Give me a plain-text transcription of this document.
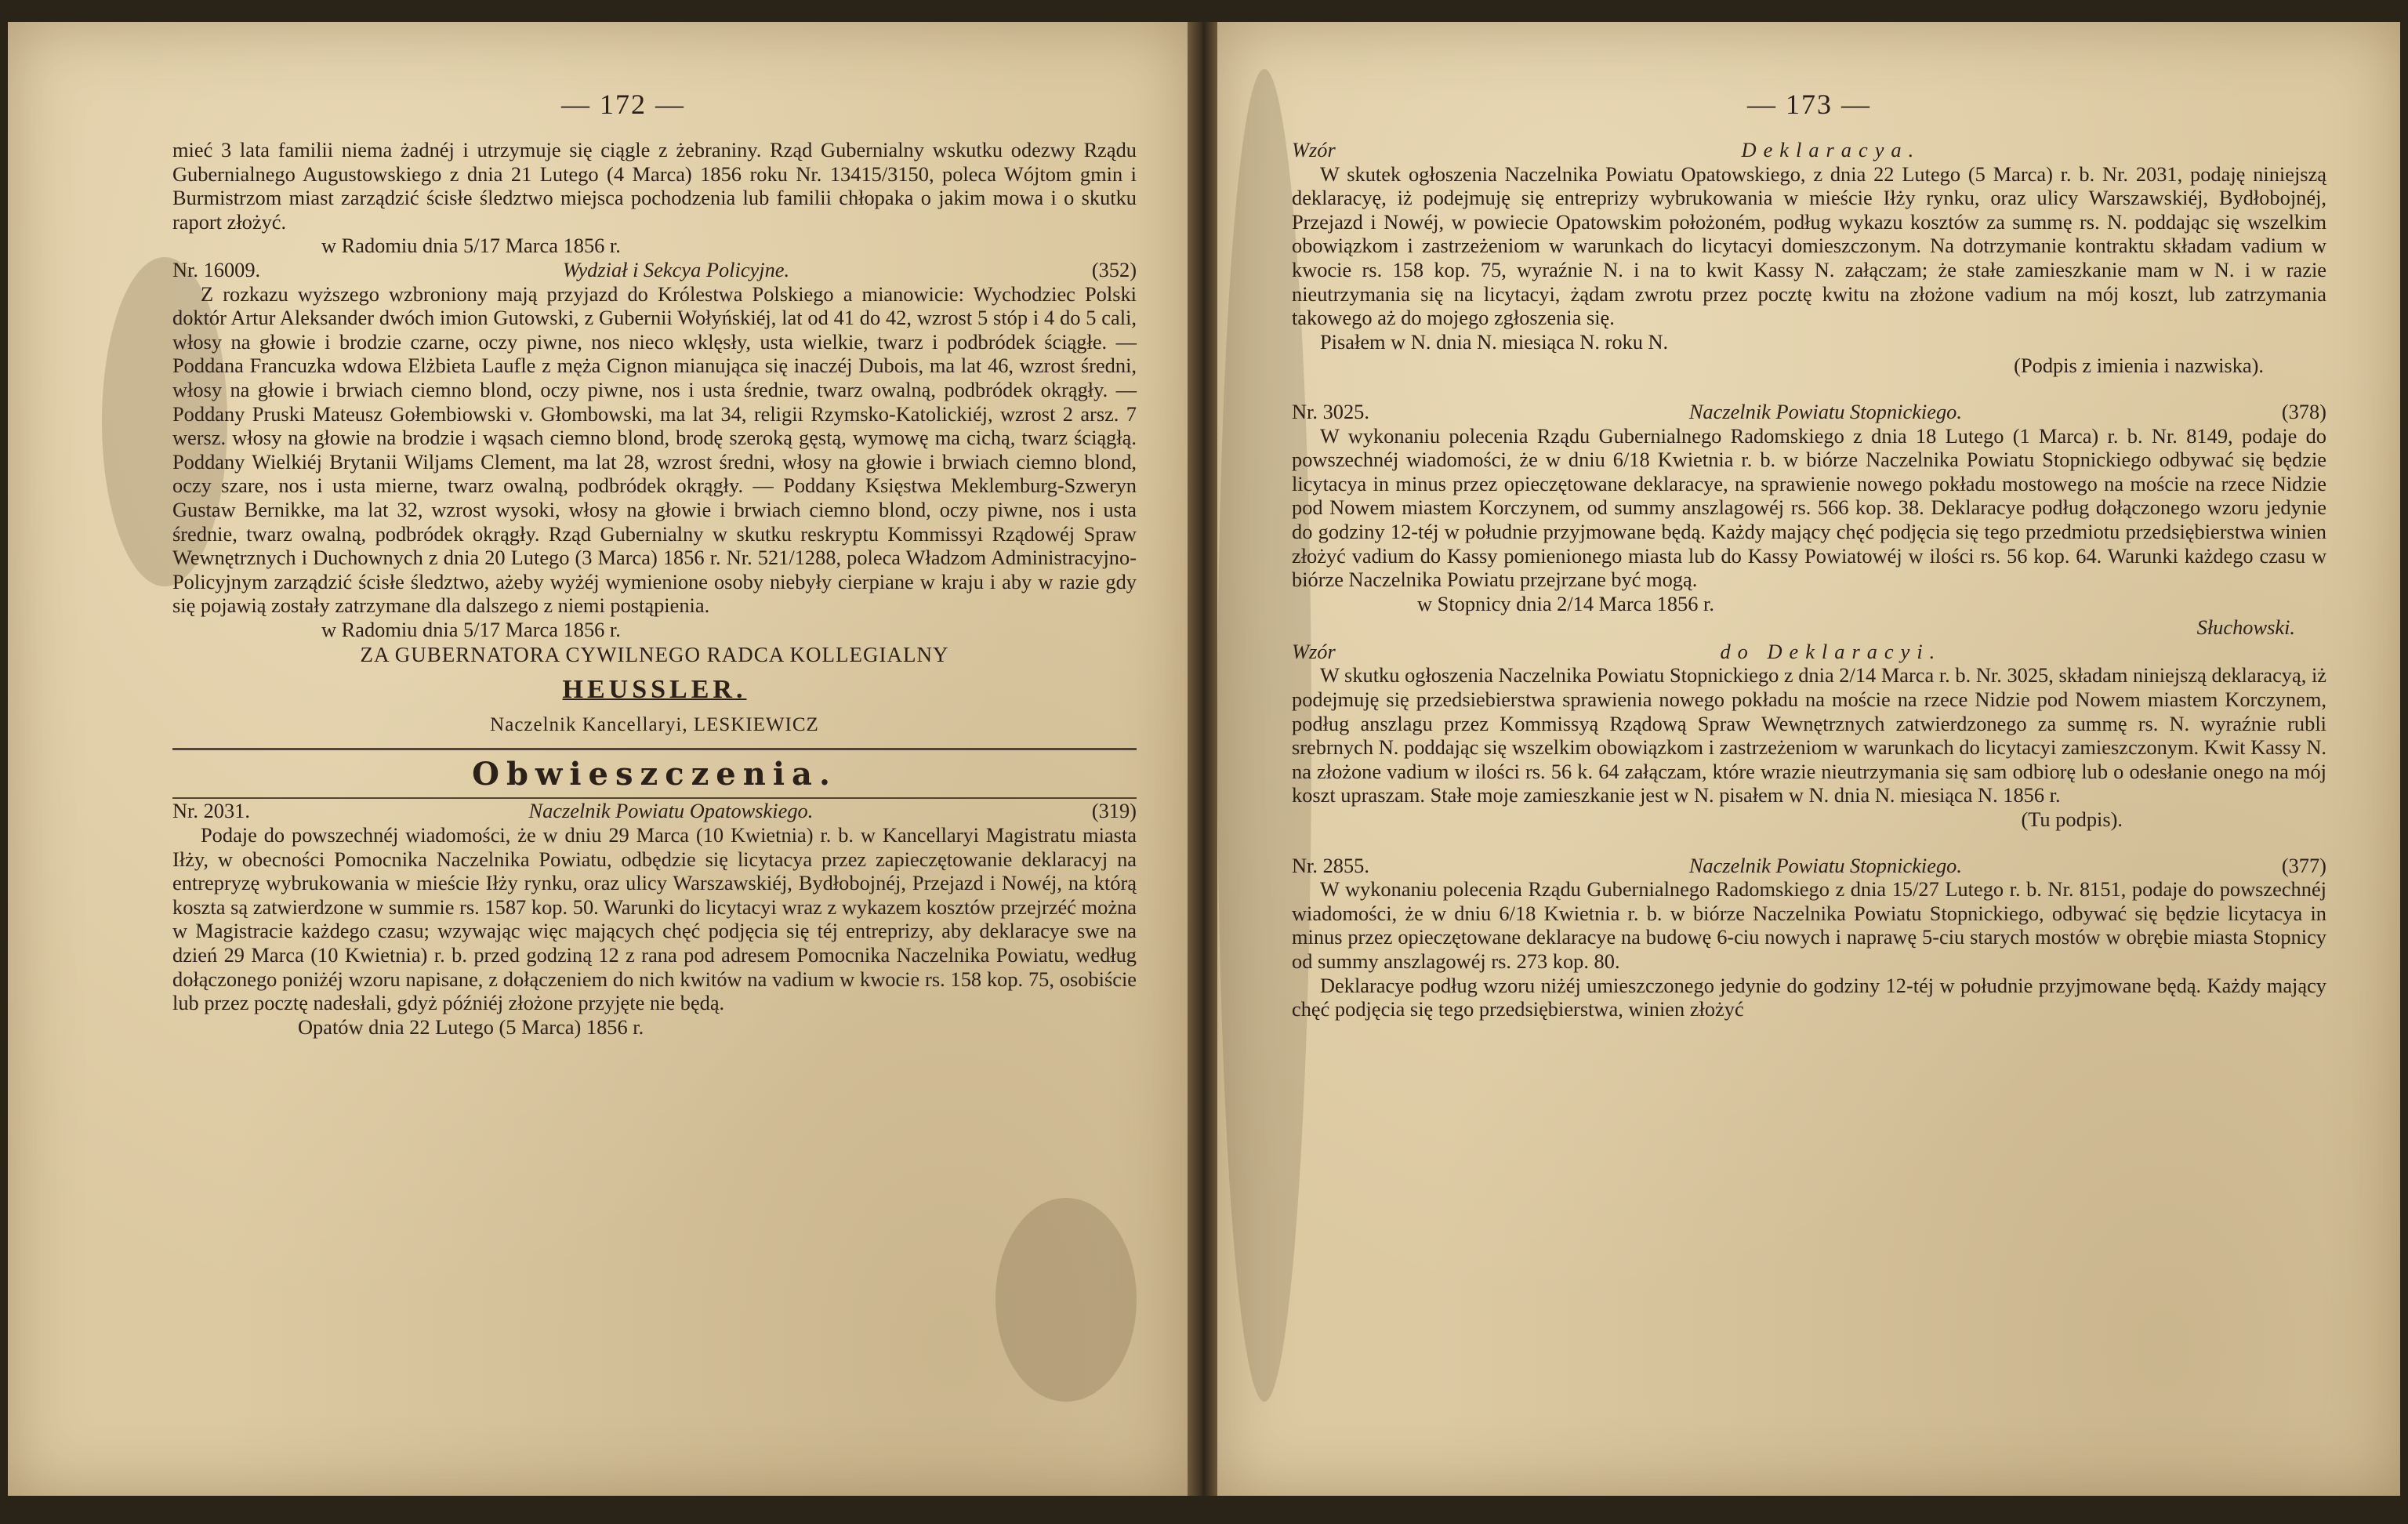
— 172 —

mieć 3 lata familii niema żadnéj i utrzymuje się ciągle z żebraniny. Rząd Gubernialny wskutku odezwy Rządu Gubernialnego Augustowskiego z dnia 21 Lutego (4 Marca) 1856 roku Nr. 13415/3150, poleca Wójtom gmin i Burmistrzom miast zarządzić ścisłe śledztwo miejsca pochodzenia lub familii chłopaka o jakim mowa i o skutku raport złożyć.

w Radomiu dnia 5/17 Marca 1856 r.

Nr. 16009.	Wydział i Sekcya Policyjne.	(352)

Z rozkazu wyższego wzbroniony mają przyjazd do Królestwa Polskiego a mianowicie: Wychodziec Polski doktór Artur Aleksander dwóch imion Gutowski, z Gubernii Wołyńskiéj, lat od 41 do 42, wzrost 5 stóp i 4 do 5 cali, włosy na głowie i brodzie czarne, oczy piwne, nos nieco wklęsły, usta wielkie, twarz i podbródek ściągłe. — Poddana Francuzka wdowa Elżbieta Laufle z męża Cignon mianująca się inaczéj Dubois, ma lat 46, wzrost średni, włosy na głowie i brwiach ciemno blond, oczy piwne, nos i usta średnie, twarz owalną, podbródek okrągły. — Poddany Pruski Mateusz Gołembiowski v. Głombowski, ma lat 34, religii Rzymsko-Katolickiéj, wzrost 2 arsz. 7 wersz. włosy na głowie na brodzie i wąsach ciemno blond, brodę szeroką gęstą, wymowę ma cichą, twarz ściągłą. Poddany Wielkiéj Brytanii Wiljams Clement, ma lat 28, wzrost średni, włosy na głowie i brwiach ciemno blond, oczy szare, nos i usta mierne, twarz owalną, podbródek okrągły. — Poddany Księstwa Meklemburg-Szweryn Gustaw Bernikke, ma lat 32, wzrost wysoki, włosy na głowie i brwiach ciemno blond, oczy piwne, nos i usta średnie, twarz owalną, podbródek okrągły. Rząd Gubernialny w skutku reskryptu Kommissyi Rządowéj Spraw Wewnętrznych i Duchownych z dnia 20 Lutego (3 Marca) 1856 r. Nr. 521/1288, poleca Władzom Administracyjno-Policyjnym zarządzić ścisłe śledztwo, ażeby wyżéj wymienione osoby niebyły cierpiane w kraju i aby w razie gdy się pojawią zostały zatrzymane dla dalszego z niemi postąpienia.

w Radomiu dnia 5/17 Marca 1856 r.

ZA GUBERNATORA CYWILNEGO RADCA KOLLEGIALNY
HEUSSLER.
Naczelnik Kancellaryi, LESKIEWICZ
Obwieszczenia.
Nr. 2031.	Naczelnik Powiatu Opatowskiego.	(319)

Podaje do powszechnéj wiadomości, że w dniu 29 Marca (10 Kwietnia) r. b. w Kancellaryi Magistratu miasta Iłży, w obecności Pomocnika Naczelnika Powiatu, odbędzie się licytacya przez zapieczętowanie deklaracyj na entrepryzę wybrukowania w mieście Iłży rynku, oraz ulicy Warszawskiéj, Bydłobojnéj, Przejazd i Nowéj, na którą koszta są zatwierdzone w summie rs. 1587 kop. 50. Warunki do licytacyi wraz z wykazem kosztów przejrzéć można w Magistracie każdego czasu; wzywając więc mających chęć podjęcia się téj entreprizy, aby deklaracye swe na dzień 29 Marca (10 Kwietnia) r. b. przed godziną 12 z rana pod adresem Pomocnika Naczelnika Powiatu, według dołączonego poniżéj wzoru napisane, z dołączeniem do nich kwitów na vadium w kwocie rs. 158 kop. 75, osobiście lub przez pocztę nadesłali, gdyż późniéj złożone przyjęte nie będą.

Opatów dnia 22 Lutego (5 Marca) 1856 r.

— 173 —
Wzór	Deklaracya.

W skutek ogłoszenia Naczelnika Powiatu Opatowskiego, z dnia 22 Lutego (5 Marca) r. b. Nr. 2031, podaję niniejszą deklaracyę, iż podejmuję się entreprizy wybrukowania w mieście Iłży rynku, oraz ulicy Warszawskiéj, Bydłobojnéj, Przejazd i Nowéj, w powiecie Opatowskim położoném, podług wykazu kosztów za summę rs. N. poddając się wszelkim obowiązkom i zastrzeżeniom w warunkach do licytacyi domieszczonym. Na dotrzymanie kontraktu składam vadium w kwocie rs. 158 kop. 75, wyraźnie N. i na to kwit Kassy N. załączam; że stałe zamieszkanie mam w N. i w razie nieutrzymania się na licytacyi, żądam zwrotu przez pocztę kwitu na złożone vadium na mój koszt, lub zatrzymania takowego aż do mojego zgłoszenia się.

Pisałem w N. dnia N. miesiąca N. roku N.

(Podpis z imienia i nazwiska).

Nr. 3025.	Naczelnik Powiatu Stopnickiego.	(378)

W wykonaniu polecenia Rządu Gubernialnego Radomskiego z dnia 18 Lutego (1 Marca) r. b. Nr. 8149, podaje do powszechnéj wiadomości, że w dniu 6/18 Kwietnia r. b. w biórze Naczelnika Powiatu Stopnickiego odbywać się będzie licytacya in minus przez opieczętowane deklaracye, na sprawienie nowego pokładu mostowego na moście na rzece Nidzie pod Nowem miastem Korczynem, od summy anszlagowéj rs. 566 kop. 38. Deklaracye podług dołączonego wzoru jedynie do godziny 12-téj w południe przyjmowane będą. Każdy mający chęć podjęcia się tego przedmiotu przedsiębierstwa winien złożyć vadium do Kassy pomienionego miasta lub do Kassy Powiatowéj w ilości rs. 56 kop. 64. Warunki każdego czasu w biórze Naczelnika Powiatu przejrzane być mogą.

w Stopnicy dnia 2/14 Marca 1856 r.

Słuchowski.

Wzór	do Deklaracyi.

W skutku ogłoszenia Naczelnika Powiatu Stopnickiego z dnia 2/14 Marca r. b. Nr. 3025, składam niniejszą deklaracyą, iż podejmuję się przedsiebierstwa sprawienia nowego pokładu na moście na rzece Nidzie pod Nowem miastem Korczynem, podług anszlagu przez Kommissyą Rządową Spraw Wewnętrznych zatwierdzonego za summę rs. N. wyraźnie rubli srebrnych N. poddając się wszelkim obowiązkom i zastrzeżeniom w warunkach do licytacyi zamieszczonym. Kwit Kassy N. na złożone vadium w ilości rs. 56 k. 64 załączam, które wrazie nieutrzymania się sam odbiorę lub o odesłanie onego na mój koszt upraszam. Stałe moje zamieszkanie jest w N. pisałem w N. dnia N. miesiąca N. 1856 r.

(Tu podpis).

Nr. 2855.	Naczelnik Powiatu Stopnickiego.	(377)

W wykonaniu polecenia Rządu Gubernialnego Radomskiego z dnia 15/27 Lutego r. b. Nr. 8151, podaje do powszechnéj wiadomości, że w dniu 6/18 Kwietnia r. b. w biórze Naczelnika Powiatu Stopnickiego, odbywać się będzie licytacya in minus przez opieczętowane deklaracye na budowę 6-ciu nowych i naprawę 5-ciu starych mostów w obrębie miasta Stopnicy od summy anszlagowéj rs. 273 kop. 80.

Deklaracye podług wzoru niżéj umieszczonego jedynie do godziny 12-téj w południe przyjmowane będą. Każdy mający chęć podjęcia się tego przedsiębierstwa, winien złożyć
